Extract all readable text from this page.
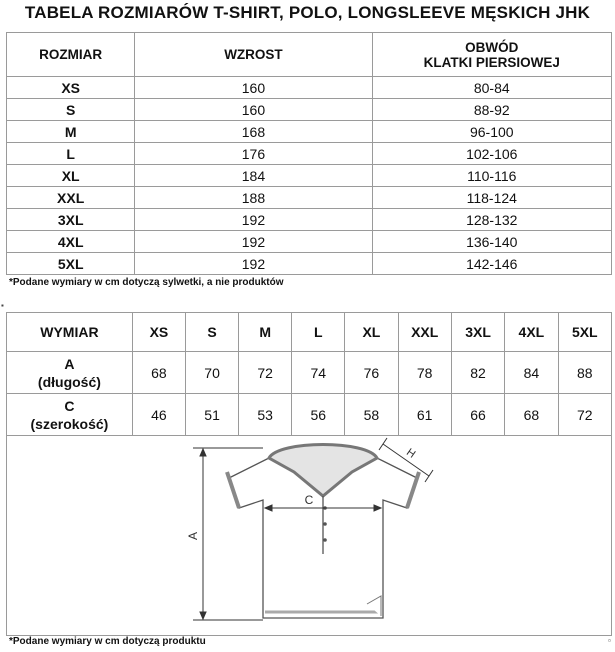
TABELA ROZMIARÓW T-SHIRT, POLO, LONGSLEEVE MĘSKICH JHK
ROZMIAR	WZROST	OBWÓD
KLATKI PIERSIOWEJ
XS	160	80-84
S	160	88-92
M	168	96-100
L	176	102-106
XL	184	110-116
XXL	188	118-124
3XL	192	128-132
4XL	192	136-140
5XL	192	142-146
*Podane wymiary w cm dotyczą sylwetki, a nie produktów
▪
WYMIAR	XS	S	M	L	XL	XXL	3XL	4XL	5XL
A
(długość)	68	70	72	74	76	78	82	84	88
C
(szerokość)	46	51	53	56	58	61	66	68	72

A
C
H									
*Podane wymiary w cm dotyczą produktu	▫
